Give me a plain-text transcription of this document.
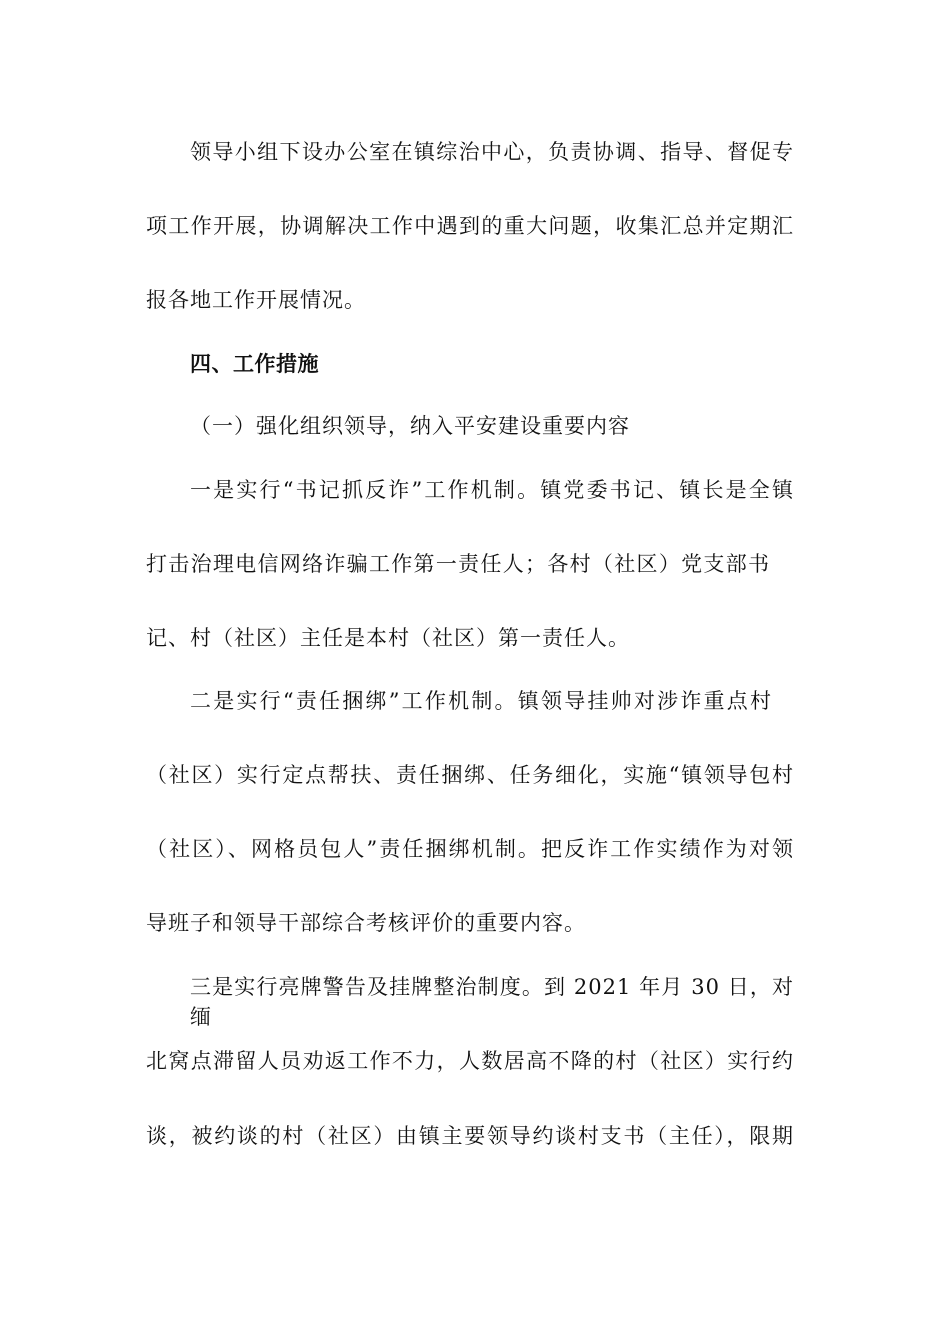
领导小组下设办公室在镇综治中心，负责协调、指导、督促专
项工作开展，协调解决工作中遇到的重大问题，收集汇总并定期汇
报各地工作开展情况。
四、工作措施
（一）强化组织领导，纳入平安建设重要内容
一是实行“书记抓反诈”工作机制。镇党委书记、镇长是全镇
打击治理电信网络诈骗工作第一责任人；各村（社区）党支部书
记、村（社区）主任是本村（社区）第一责任人。
二是实行“责任捆绑”工作机制。镇领导挂帅对涉诈重点村
（社区）实行定点帮扶、责任捆绑、任务细化，实施“镇领导包村
（社区）、网格员包人”责任捆绑机制。把反诈工作实绩作为对领
导班子和领导干部综合考核评价的重要内容。
三是实行亮牌警告及挂牌整治制度。到 2021 年月 30 日，对缅
北窝点滞留人员劝返工作不力，人数居高不降的村（社区）实行约
谈，被约谈的村（社区）由镇主要领导约谈村支书（主任），限期
